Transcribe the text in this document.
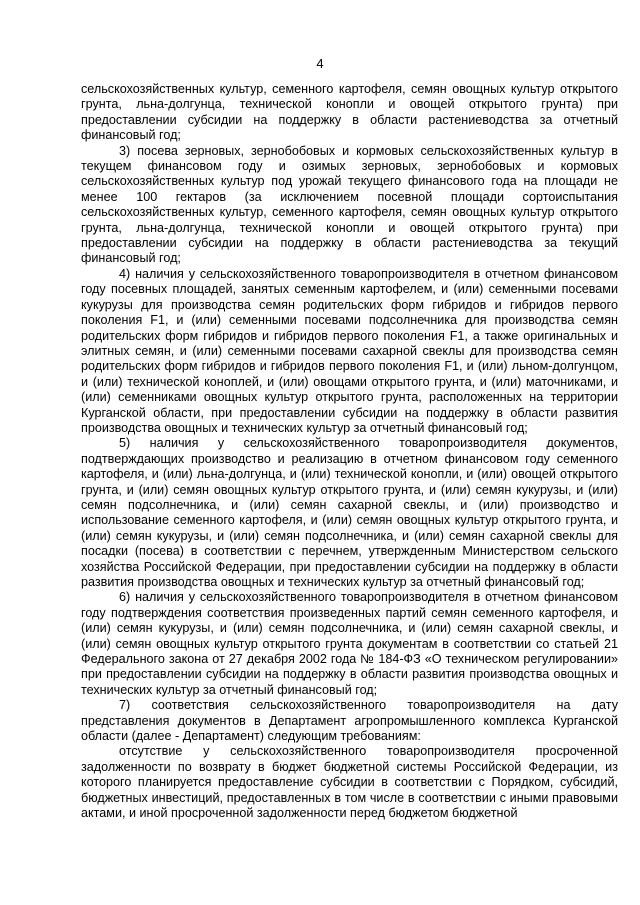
4

сельскохозяйственных культур, семенного картофеля, семян овощных культур открытого грунта, льна-долгунца, технической конопли и овощей открытого грунта) при предоставлении субсидии на поддержку в области растениеводства за отчетный финансовый год;

3) посева зерновых, зернобобовых и кормовых сельскохозяйственных культур в текущем финансовом году и озимых зерновых, зернобобовых и кормовых сельскохозяйственных культур под урожай текущего финансового года на площади не менее 100 гектаров (за исключением посевной площади сортоиспытания сельскохозяйственных культур, семенного картофеля, семян овощных культур открытого грунта, льна-долгунца, технической конопли и овощей открытого грунта) при предоставлении субсидии на поддержку в области растениеводства за текущий финансовый год;

4) наличия у сельскохозяйственного товаропроизводителя в отчетном финансовом году посевных площадей, занятых семенным картофелем, и (или) семенными посевами кукурузы для производства семян родительских форм гибридов и гибридов первого поколения F1, и (или) семенными посевами подсолнечника для производства семян родительских форм гибридов и гибридов первого поколения F1, а также оригинальных и элитных семян, и (или) семенными посевами сахарной свеклы для производства семян родительских форм гибридов и гибридов первого поколения F1, и (или) льном-долгунцом, и (или) технической коноплей, и (или) овощами открытого грунта, и (или) маточниками, и (или) семенниками овощных культур открытого грунта, расположенных на территории Курганской области, при предоставлении субсидии на поддержку в области развития производства овощных и технических культур за отчетный финансовый год;

5) наличия у сельскохозяйственного товаропроизводителя документов, подтверждающих производство и реализацию в отчетном финансовом году семенного картофеля, и (или) льна-долгунца, и (или) технической конопли, и (или) овощей открытого грунта, и (или) семян овощных культур открытого грунта, и (или) семян кукурузы, и (или) семян подсолнечника, и (или) семян сахарной свеклы, и (или) производство и использование семенного картофеля, и (или) семян овощных культур открытого грунта, и (или) семян кукурузы, и (или) семян подсолнечника, и (или) семян сахарной свеклы для посадки (посева) в соответствии с перечнем, утвержденным Министерством сельского хозяйства Российской Федерации, при предоставлении субсидии на поддержку в области развития производства овощных и технических культур за отчетный финансовый год;

6) наличия у сельскохозяйственного товаропроизводителя в отчетном финансовом году подтверждения соответствия произведенных партий семян семенного картофеля, и (или) семян кукурузы, и (или) семян подсолнечника, и (или) семян сахарной свеклы, и (или) семян овощных культур открытого грунта документам в соответствии со статьей 21 Федерального закона от 27 декабря 2002 года № 184-ФЗ «О техническом регулировании» при предоставлении субсидии на поддержку в области развития производства овощных и технических культур за отчетный финансовый год;

7) соответствия сельскохозяйственного товаропроизводителя на дату представления документов в Департамент агропромышленного комплекса Курганской области (далее - Департамент) следующим требованиям:

отсутствие у сельскохозяйственного товаропроизводителя просроченной задолженности по возврату в бюджет бюджетной системы Российской Федерации, из которого планируется предоставление субсидии в соответствии с Порядком, субсидий, бюджетных инвестиций, предоставленных в том числе в соответствии с иными правовыми актами, и иной просроченной задолженности перед бюджетом бюджетной
